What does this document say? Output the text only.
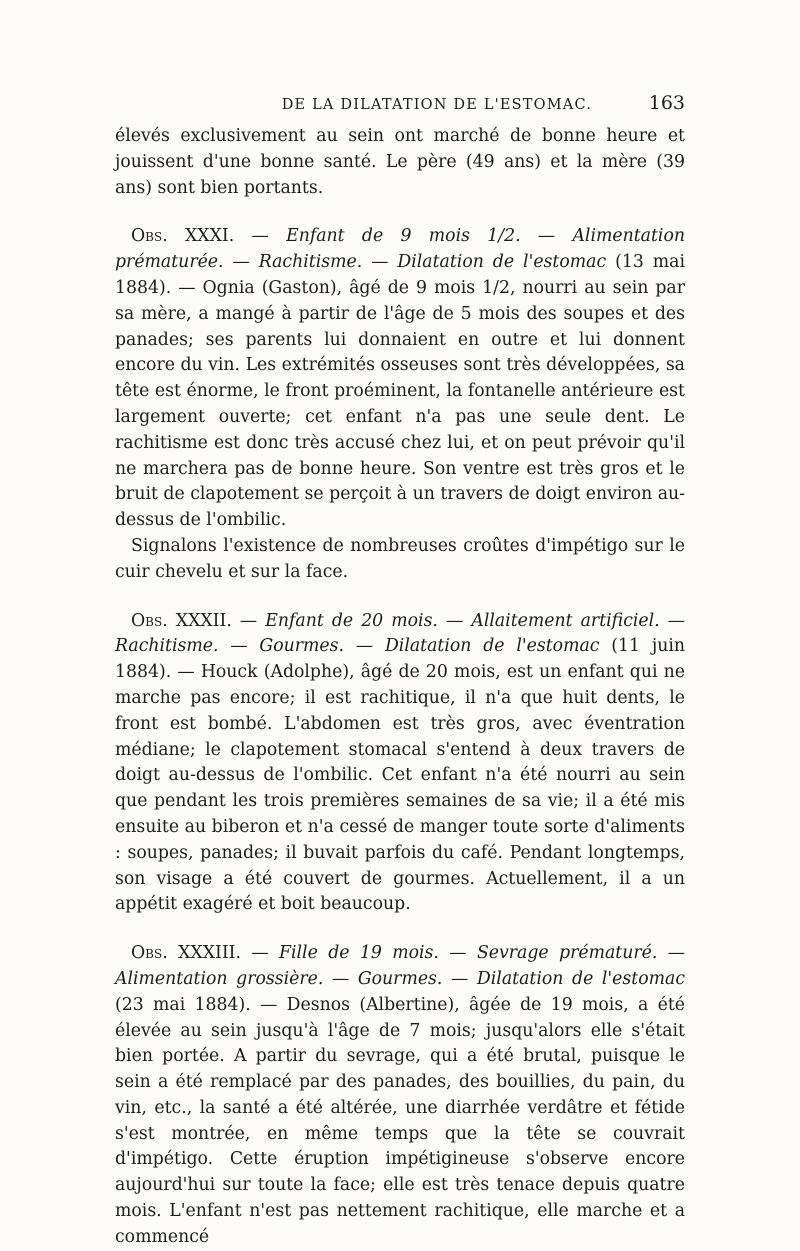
DE LA DILATATION DE L'ESTOMAC.	163

élevés exclusivement au sein ont marché de bonne heure et jouissent d'une bonne santé. Le père (49 ans) et la mère (39 ans) sont bien portants.

Obs. XXXI. — Enfant de 9 mois 1/2. — Alimentation prématurée. — Rachitisme. — Dilatation de l'estomac (13 mai 1884). — Ognia (Gaston), âgé de 9 mois 1/2, nourri au sein par sa mère, a mangé à partir de l'âge de 5 mois des soupes et des panades; ses parents lui donnaient en outre et lui donnent encore du vin. Les extrémités osseuses sont très développées, sa tête est énorme, le front proéminent, la fontanelle antérieure est largement ouverte; cet enfant n'a pas une seule dent. Le rachitisme est donc très accusé chez lui, et on peut prévoir qu'il ne marchera pas de bonne heure. Son ventre est très gros et le bruit de clapotement se perçoit à un travers de doigt environ au-dessus de l'ombilic.

Signalons l'existence de nombreuses croûtes d'impétigo sur le cuir chevelu et sur la face.

Obs. XXXII. — Enfant de 20 mois. — Allaitement artificiel. — Rachitisme. — Gourmes. — Dilatation de l'estomac (11 juin 1884). — Houck (Adolphe), âgé de 20 mois, est un enfant qui ne marche pas encore; il est rachitique, il n'a que huit dents, le front est bombé. L'abdomen est très gros, avec éventration médiane; le clapotement stomacal s'entend à deux travers de doigt au-dessus de l'ombilic. Cet enfant n'a été nourri au sein que pendant les trois premières semaines de sa vie; il a été mis ensuite au biberon et n'a cessé de manger toute sorte d'aliments : soupes, panades; il buvait parfois du café. Pendant longtemps, son visage a été couvert de gourmes. Actuellement, il a un appétit exagéré et boit beaucoup.

Obs. XXXIII. — Fille de 19 mois. — Sevrage prématuré. — Alimentation grossière. — Gourmes. — Dilatation de l'estomac (23 mai 1884). — Desnos (Albertine), âgée de 19 mois, a été élevée au sein jusqu'à l'âge de 7 mois; jusqu'alors elle s'était bien portée. A partir du sevrage, qui a été brutal, puisque le sein a été remplacé par des panades, des bouillies, du pain, du vin, etc., la santé a été altérée, une diarrhée verdâtre et fétide s'est montrée, en même temps que la tête se couvrait d'impétigo. Cette éruption impétigineuse s'observe encore aujourd'hui sur toute la face; elle est très tenace depuis quatre mois. L'enfant n'est pas nettement rachitique, elle marche et a commencé
